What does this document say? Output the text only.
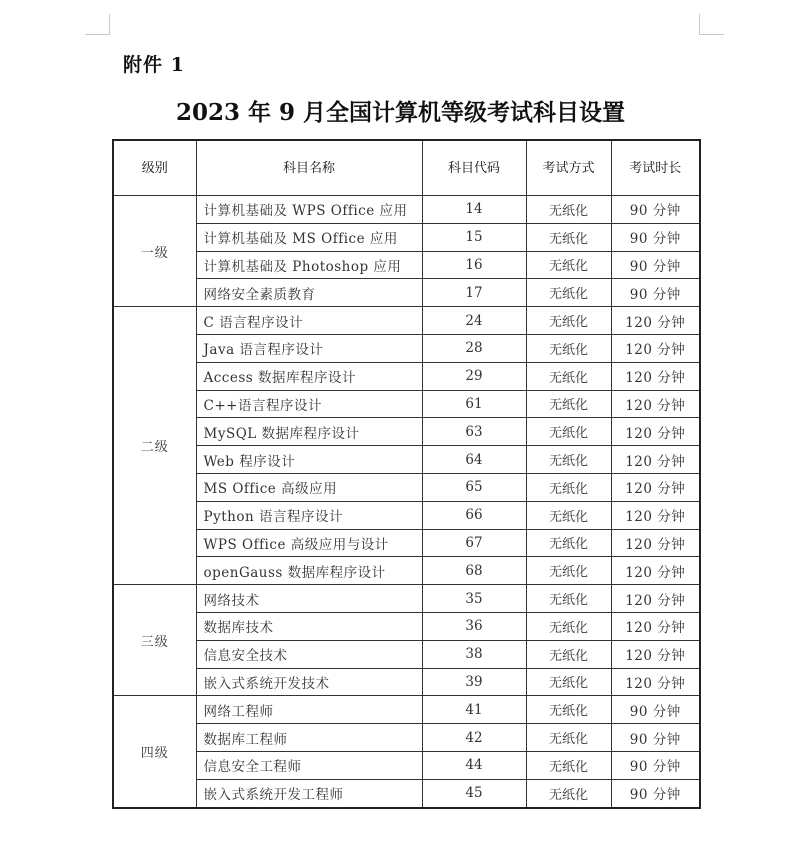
附件 1
2023 年 9 月全国计算机等级考试科目设置
级别	科目名称	科目代码	考试方式	考试时长
一级	计算机基础及 WPS Office 应用	14	无纸化	90 分钟
	计算机基础及 MS Office 应用	15	无纸化	90 分钟
	计算机基础及 Photoshop 应用	16	无纸化	90 分钟
	网络安全素质教育	17	无纸化	90 分钟
二级	C 语言程序设计	24	无纸化	120 分钟
	Java 语言程序设计	28	无纸化	120 分钟
	Access 数据库程序设计	29	无纸化	120 分钟
	C++语言程序设计	61	无纸化	120 分钟
	MySQL 数据库程序设计	63	无纸化	120 分钟
	Web 程序设计	64	无纸化	120 分钟
	MS Office 高级应用	65	无纸化	120 分钟
	Python 语言程序设计	66	无纸化	120 分钟
	WPS Office 高级应用与设计	67	无纸化	120 分钟
	openGauss 数据库程序设计	68	无纸化	120 分钟
三级	网络技术	35	无纸化	120 分钟
	数据库技术	36	无纸化	120 分钟
	信息安全技术	38	无纸化	120 分钟
	嵌入式系统开发技术	39	无纸化	120 分钟
四级	网络工程师	41	无纸化	90 分钟
	数据库工程师	42	无纸化	90 分钟
	信息安全工程师	44	无纸化	90 分钟
	嵌入式系统开发工程师	45	无纸化	90 分钟
